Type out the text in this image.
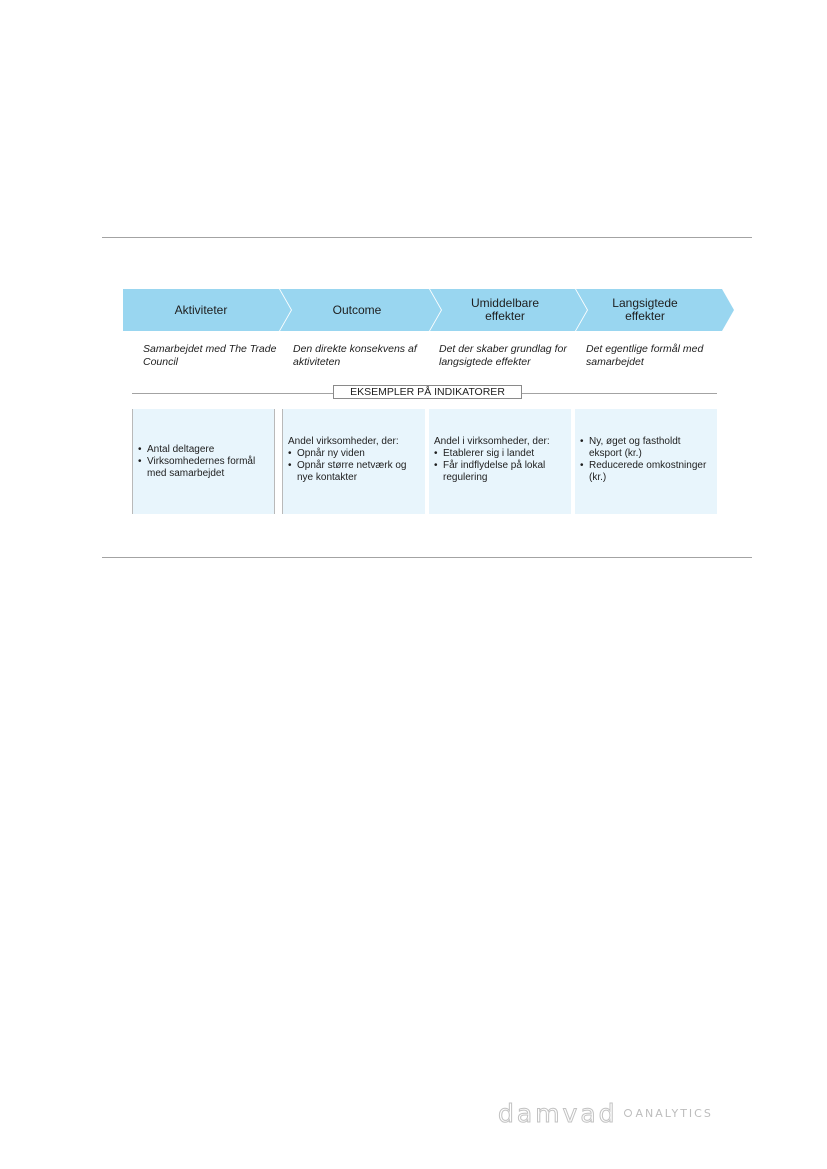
Aktiviteter	Outcome	Umiddelbare
effekter
Langsigtede
effekter
Samarbejdet med The Trade Council
Den direkte konsekvens af aktiviteten
Det der skaber grundlag for langsigtede effekter
Det egentlige formål med samarbejdet
EKSEMPLER PÅ INDIKATORER
• Antal deltagere
• Virksomhedernes formål med samarbejdet

Andel virksomheder, der:

• Opnår ny viden
• Opnår større netværk og nye kontakter

Andel i virksomheder, der:

• Etablerer sig i landet
• Får indflydelse på lokal regulering
• Ny, øget og fastholdt eksport (kr.)
• Reducerede omkostninger (kr.)
damvad ANALYTICS
